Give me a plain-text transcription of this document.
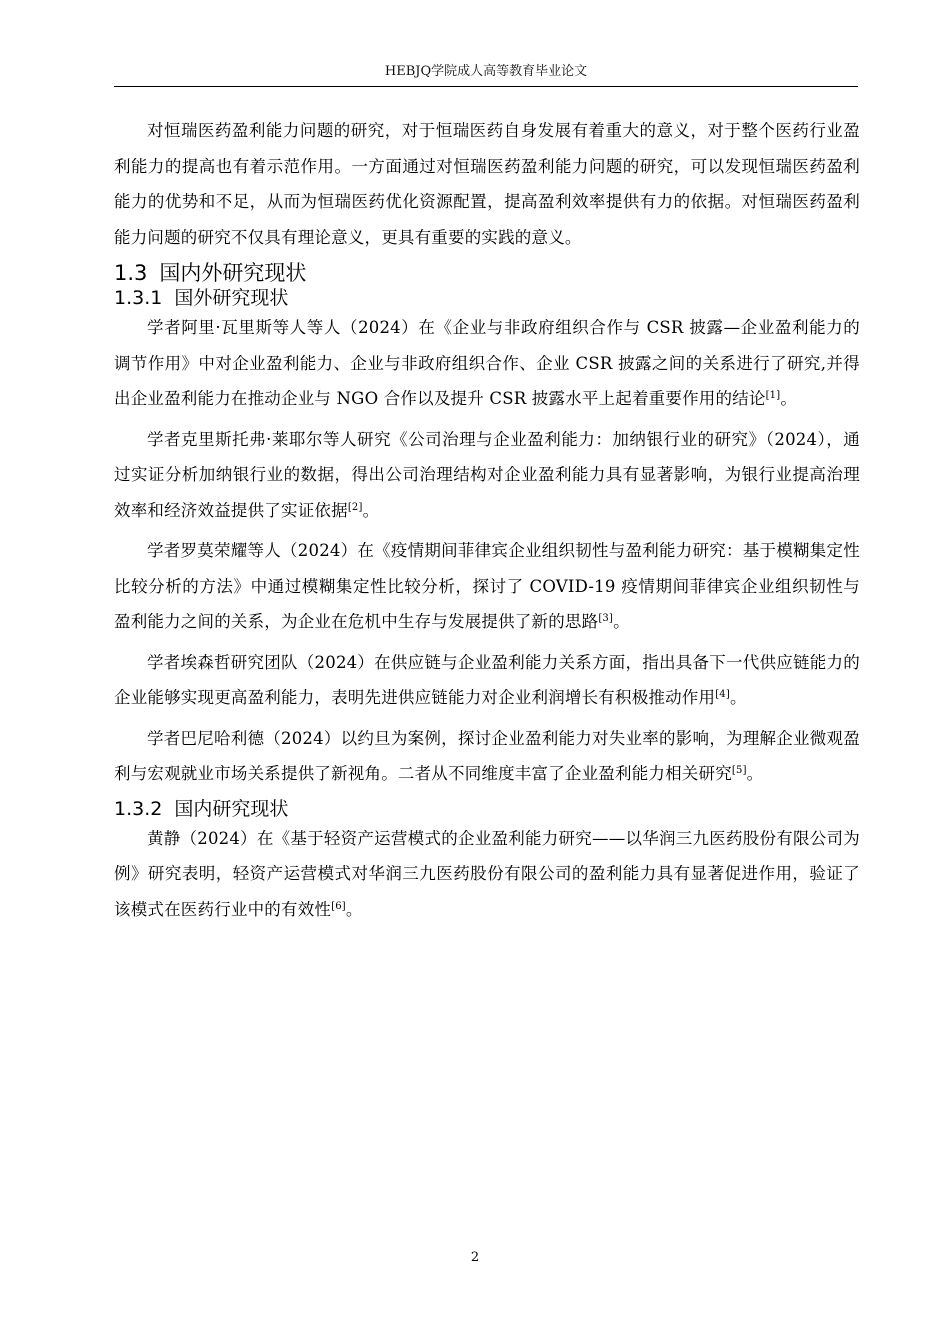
HEBJQ学院成人高等教育毕业论文

对恒瑞医药盈利能力问题的研究，对于恒瑞医药自身发展有着重大的意义，对于整个医药行业盈利能力的提高也有着示范作用。一方面通过对恒瑞医药盈利能力问题的研究，可以发现恒瑞医药盈利能力的优势和不足，从而为恒瑞医药优化资源配置，提高盈利效率提供有力的依据。对恒瑞医药盈利能力问题的研究不仅具有理论意义，更具有重要的实践的意义。

1.3 国内外研究现状
1.3.1 国外研究现状

学者阿里·瓦里斯等人等人（2024）在《企业与非政府组织合作与 CSR 披露—企业盈利能力的调节作用》中对企业盈利能力、企业与非政府组织合作、企业 CSR 披露之间的关系进行了研究,并得出企业盈利能力在推动企业与 NGO 合作以及提升 CSR 披露水平上起着重要作用的结论[1]。

学者克里斯托弗·莱耶尔等人研究《公司治理与企业盈利能力：加纳银行业的研究》（2024），通过实证分析加纳银行业的数据，得出公司治理结构对企业盈利能力具有显著影响，为银行业提高治理效率和经济效益提供了实证依据[2]。

学者罗莫荣耀等人（2024）在《疫情期间菲律宾企业组织韧性与盈利能力研究：基于模糊集定性比较分析的方法》中通过模糊集定性比较分析，探讨了 COVID-19 疫情期间菲律宾企业组织韧性与盈利能力之间的关系，为企业在危机中生存与发展提供了新的思路[3]。

学者埃森哲研究团队（2024）在供应链与企业盈利能力关系方面，指出具备下一代供应链能力的企业能够实现更高盈利能力，表明先进供应链能力对企业利润增长有积极推动作用[4]。

学者巴尼哈利德（2024）以约旦为案例，探讨企业盈利能力对失业率的影响，为理解企业微观盈利与宏观就业市场关系提供了新视角。二者从不同维度丰富了企业盈利能力相关研究[5]。

1.3.2 国内研究现状

黄静（2024）在《基于轻资产运营模式的企业盈利能力研究——以华润三九医药股份有限公司为例》研究表明，轻资产运营模式对华润三九医药股份有限公司的盈利能力具有显著促进作用，验证了该模式在医药行业中的有效性[6]。

2
